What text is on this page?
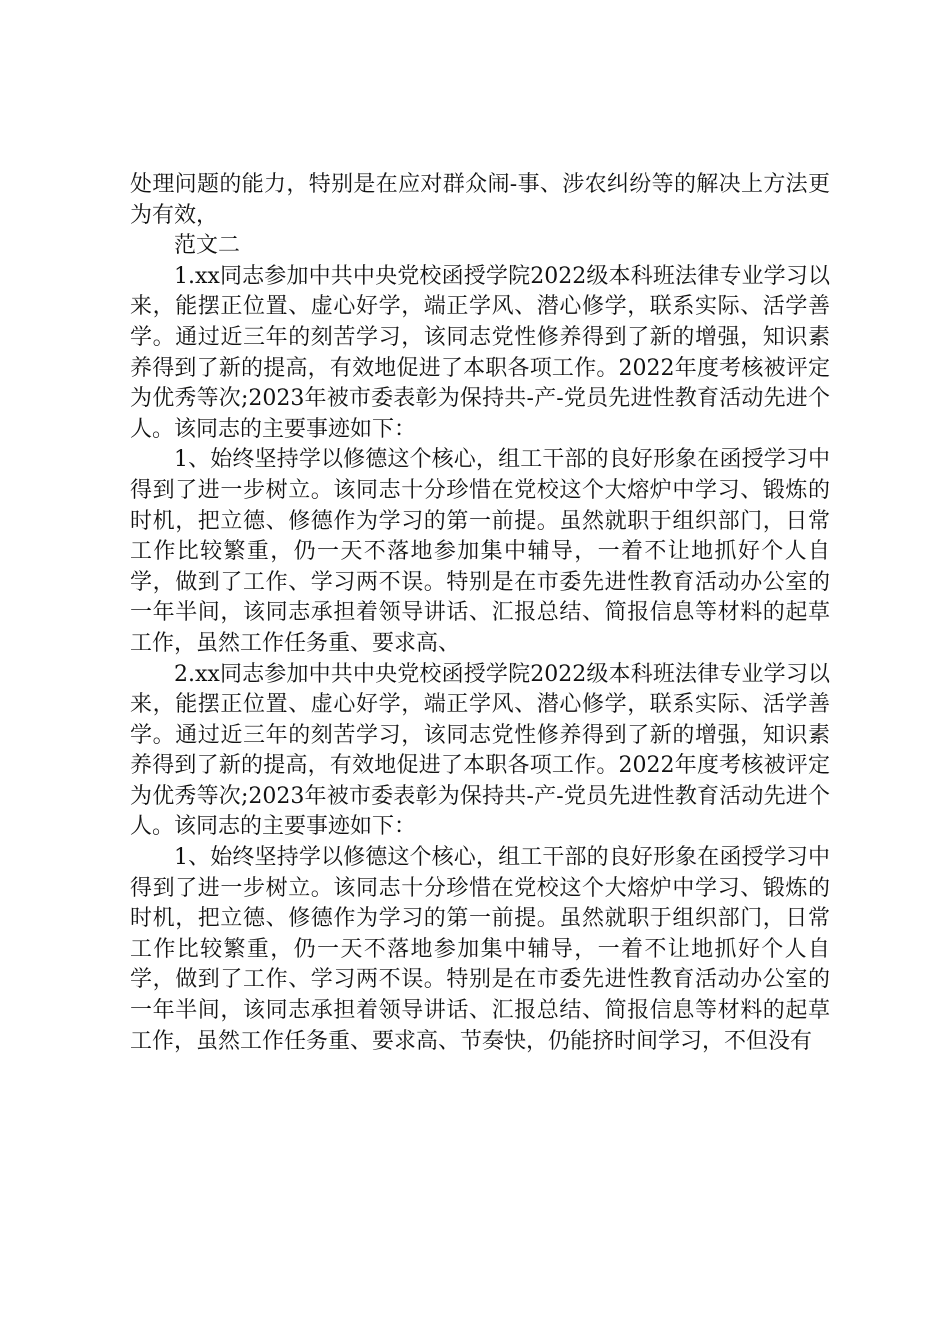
处理问题的能力，特别是在应对群众闹-事、涉农纠纷等的解决上方法更为有效，

范文二

1.xx同志参加中共中央党校函授学院2022级本科班法律专业学习以来，能摆正位置、虚心好学，端正学风、潜心修学，联系实际、活学善学。通过近三年的刻苦学习，该同志党性修养得到了新的增强，知识素养得到了新的提高，有效地促进了本职各项工作。2022年度考核被评定为优秀等次;2023年被市委表彰为保持共-产-党员先进性教育活动先进个人。该同志的主要事迹如下：

1、始终坚持学以修德这个核心，组工干部的良好形象在函授学习中得到了进一步树立。该同志十分珍惜在党校这个大熔炉中学习、锻炼的时机，把立德、修德作为学习的第一前提。虽然就职于组织部门，日常工作比较繁重，仍一天不落地参加集中辅导，一着不让地抓好个人自学，做到了工作、学习两不误。特别是在市委先进性教育活动办公室的一年半间，该同志承担着领导讲话、汇报总结、简报信息等材料的起草工作，虽然工作任务重、要求高、

2.xx同志参加中共中央党校函授学院2022级本科班法律专业学习以来，能摆正位置、虚心好学，端正学风、潜心修学，联系实际、活学善学。通过近三年的刻苦学习，该同志党性修养得到了新的增强，知识素养得到了新的提高，有效地促进了本职各项工作。2022年度考核被评定为优秀等次;2023年被市委表彰为保持共-产-党员先进性教育活动先进个人。该同志的主要事迹如下：

1、始终坚持学以修德这个核心，组工干部的良好形象在函授学习中得到了进一步树立。该同志十分珍惜在党校这个大熔炉中学习、锻炼的时机，把立德、修德作为学习的第一前提。虽然就职于组织部门，日常工作比较繁重，仍一天不落地参加集中辅导，一着不让地抓好个人自学，做到了工作、学习两不误。特别是在市委先进性教育活动办公室的一年半间，该同志承担着领导讲话、汇报总结、简报信息等材料的起草工作，虽然工作任务重、要求高、节奏快，仍能挤时间学习，不但没有
